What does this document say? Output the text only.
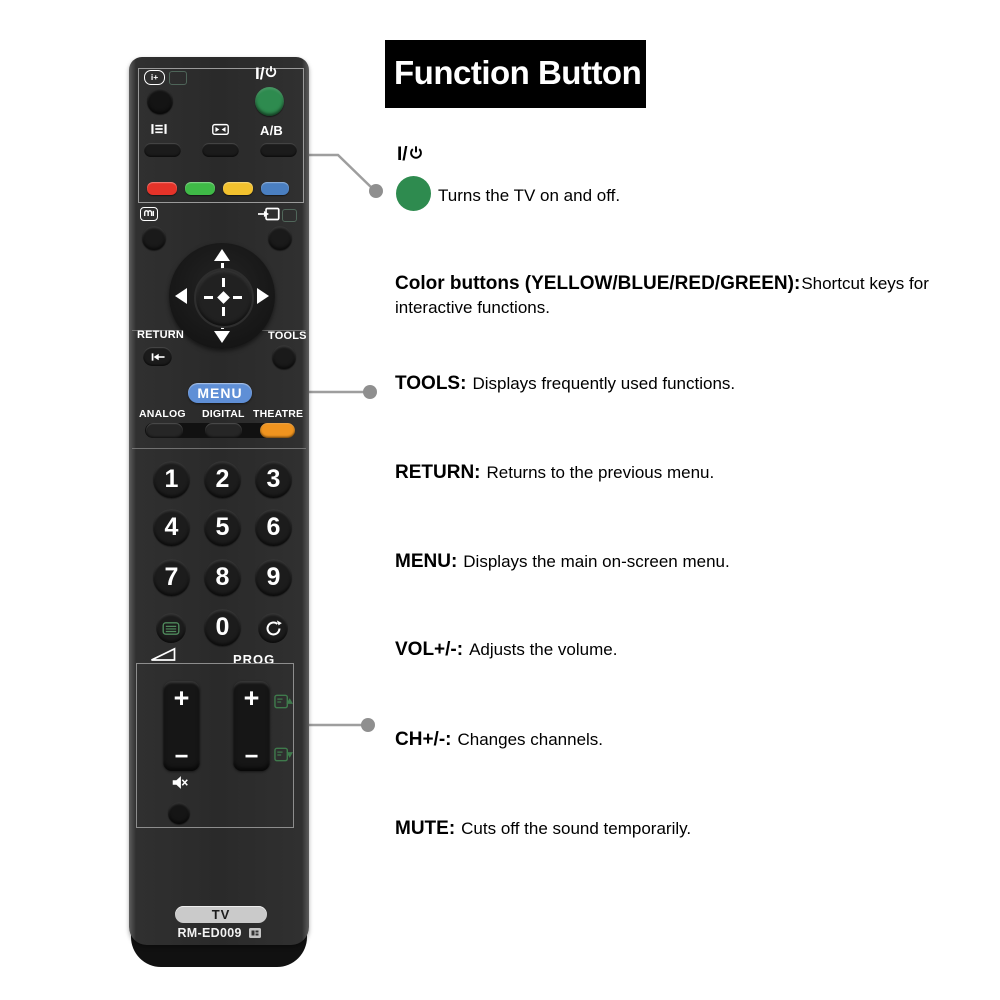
i+	I/
A/B
RETURN	TOOLS
MENU
ANALOG DIGITAL THEATRE
1	2	3
4	5	6
7	8	9
0
PROG
+
−
+
−
TV
RM-ED009
Function Button
I/
Turns the TV on and off.
Color buttons (YELLOW/BLUE/RED/GREEN):Shortcut keys for interactive functions.
TOOLS: Displays frequently used functions.
RETURN: Returns to the previous menu.
MENU: Displays the main on-screen menu.
VOL+/-: Adjusts the volume.
CH+/-: Changes channels.
MUTE: Cuts off the sound temporarily.
